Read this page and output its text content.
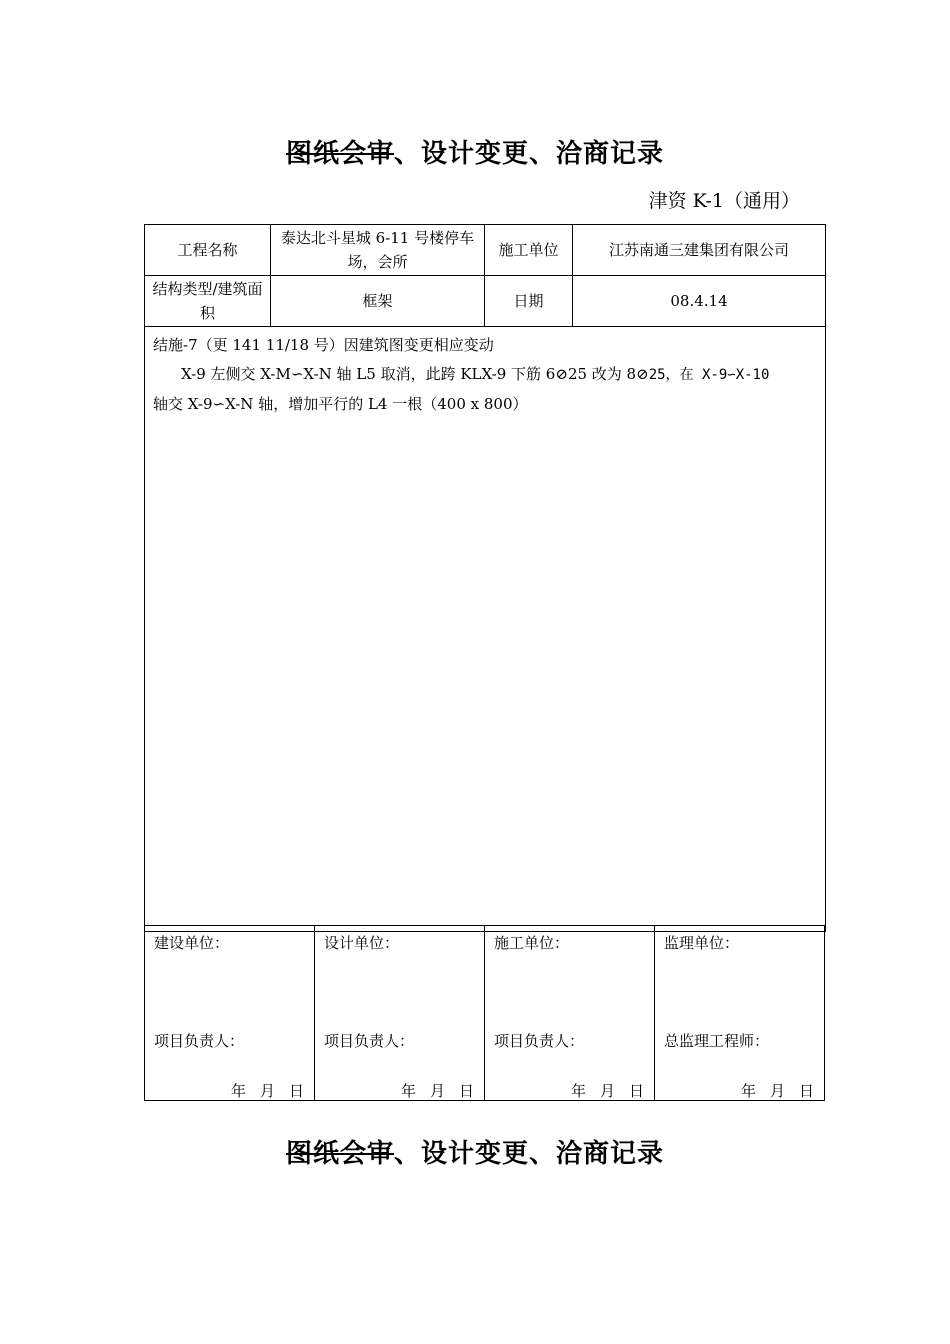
图纸会审、设计变更、洽商记录
津资 K-1（通用）
工程名称	泰达北斗星城 6-11 号楼停车场，会所	施工单位	江苏南通三建集团有限公司
结构类型/建筑面积	框架	日期	08.4.14

结施-7（更 141 11/18 号）因建筑图变更相应变动

X-9 左侧交 X-M∽X-N 轴 L5 取消，此跨 KLX-9 下筋 6⊘25 改为 8⊘25，在 X-9∽X-10

轴交 X-9∽X-N 轴，增加平行的 L4 一根（400 x 800）			

建设单位：
项目负责人：
年 月 日

设计单位：
项目负责人：
年 月 日

施工单位：
项目负责人：
年 月 日

监理单位：
总监理工程师：
年 月 日
图纸会审、设计变更、洽商记录
